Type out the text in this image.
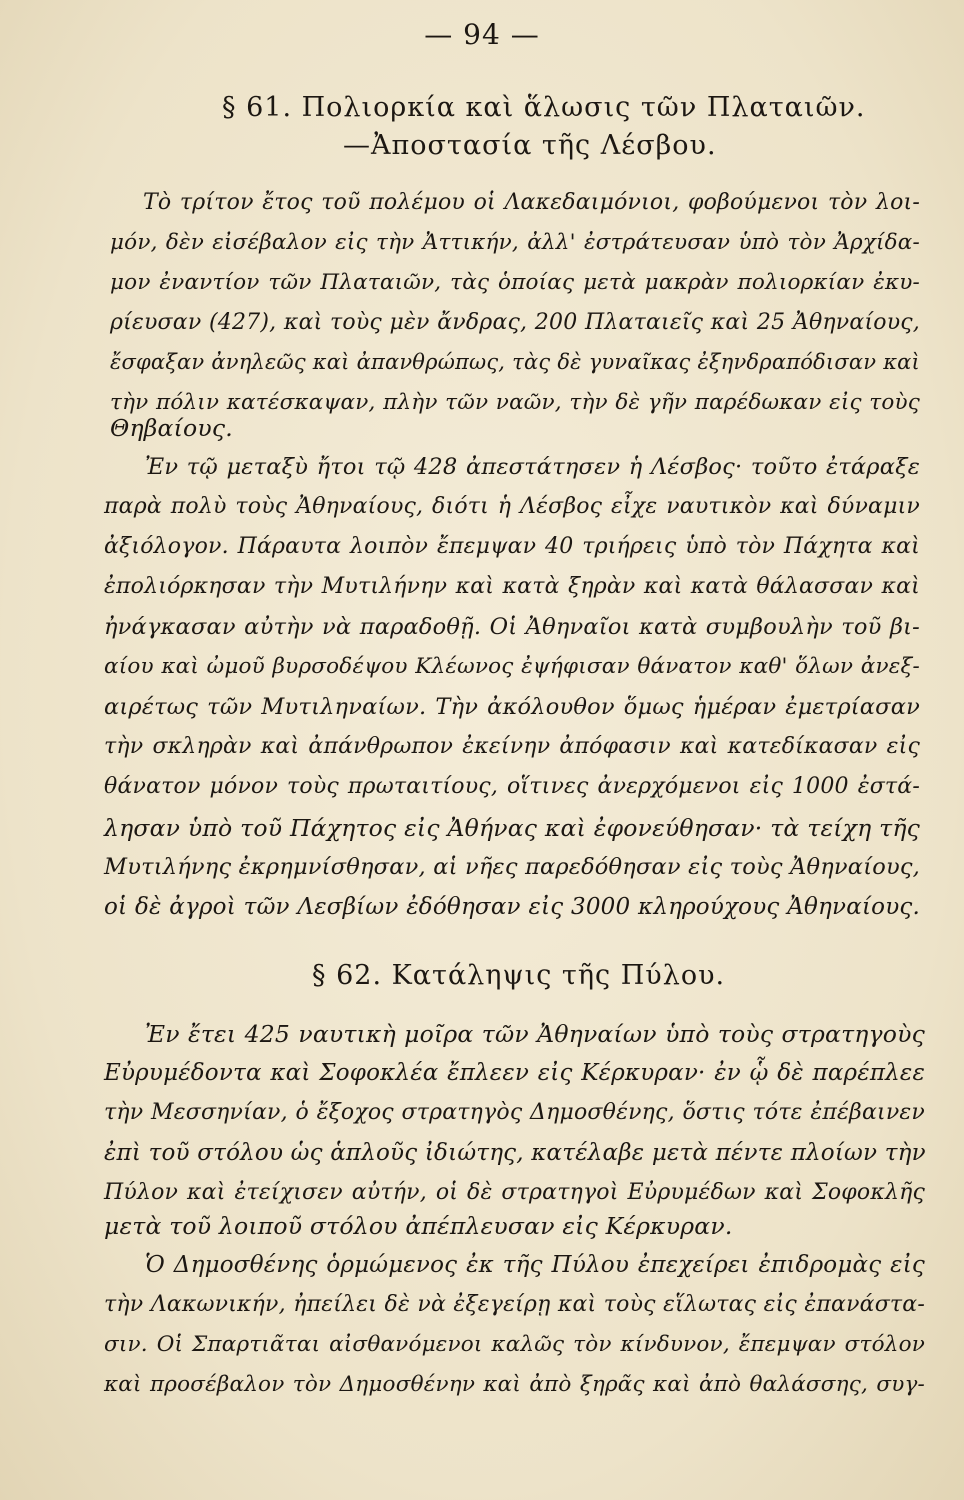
— 94 —
§ 61. Πολιορκία καὶ ἅλωσις τῶν Πλαταιῶν.
—Ἀποστασία τῆς Λέσβου.
Τὸ τρίτον ἔτος τοῦ πολέμου οἱ Λακεδαιμόνιοι, φοβούμενοι τὸν λοι-
μόν, δὲν εἰσέβαλον εἰς τὴν Ἀττικήν, ἀλλ' ἐστράτευσαν ὑπὸ τὸν Ἀρχίδα-
μον ἐναντίον τῶν Πλαταιῶν, τὰς ὁποίας μετὰ μακρὰν πολιορκίαν ἐκυ-
ρίευσαν (427), καὶ τοὺς μὲν ἄνδρας, 200 Πλαταιεῖς καὶ 25 Ἀθηναίους,
ἔσφαξαν ἀνηλεῶς καὶ ἀπανθρώπως, τὰς δὲ γυναῖκας ἐξηνδραπόδισαν καὶ
τὴν πόλιν κατέσκαψαν, πλὴν τῶν ναῶν, τὴν δὲ γῆν παρέδωκαν εἰς τοὺς
Θηβαίους.
Ἐν τῷ μεταξὺ ἤτοι τῷ 428 ἀπεστάτησεν ἡ Λέσβος· τοῦτο ἐτάραξε
παρὰ πολὺ τοὺς Ἀθηναίους, διότι ἡ Λέσβος εἶχε ναυτικὸν καὶ δύναμιν
ἀξιόλογον. Πάραυτα λοιπὸν ἔπεμψαν 40 τριήρεις ὑπὸ τὸν Πάχητα καὶ
ἐπολιόρκησαν τὴν Μυτιλήνην καὶ κατὰ ξηρὰν καὶ κατὰ θάλασσαν καὶ
ἠνάγκασαν αὐτὴν νὰ παραδοθῇ. Οἱ Ἀθηναῖοι κατὰ συμβουλὴν τοῦ βι-
αίου καὶ ὠμοῦ βυρσοδέψου Κλέωνος ἐψήφισαν θάνατον καθ' ὅλων ἀνεξ-
αιρέτως τῶν Μυτιληναίων. Τὴν ἀκόλουθον ὅμως ἡμέραν ἐμετρίασαν
τὴν σκληρὰν καὶ ἀπάνθρωπον ἐκείνην ἀπόφασιν καὶ κατεδίκασαν εἰς
θάνατον μόνον τοὺς πρωταιτίους, οἵτινες ἀνερχόμενοι εἰς 1000 ἐστά-
λησαν ὑπὸ τοῦ Πάχητος εἰς Ἀθήνας καὶ ἐφονεύθησαν· τὰ τείχη τῆς
Μυτιλήνης ἐκρημνίσθησαν, αἱ νῆες παρεδόθησαν εἰς τοὺς Ἀθηναίους,
οἱ δὲ ἀγροὶ τῶν Λεσβίων ἐδόθησαν εἰς 3000 κληρούχους Ἀθηναίους.
§ 62. Κατάληψις τῆς Πύλου.
Ἐν ἔτει 425 ναυτικὴ μοῖρα τῶν Ἀθηναίων ὑπὸ τοὺς στρατηγοὺς
Εὐρυμέδοντα καὶ Σοφοκλέα ἔπλεεν εἰς Κέρκυραν· ἐν ᾧ δὲ παρέπλεε
τὴν Μεσσηνίαν, ὁ ἔξοχος στρατηγὸς Δημοσθένης, ὅστις τότε ἐπέβαινεν
ἐπὶ τοῦ στόλου ὡς ἁπλοῦς ἰδιώτης, κατέλαβε μετὰ πέντε πλοίων τὴν
Πύλον καὶ ἐτείχισεν αὐτήν, οἱ δὲ στρατηγοὶ Εὐρυμέδων καὶ Σοφοκλῆς
μετὰ τοῦ λοιποῦ στόλου ἀπέπλευσαν εἰς Κέρκυραν.
Ὁ Δημοσθένης ὁρμώμενος ἐκ τῆς Πύλου ἐπεχείρει ἐπιδρομὰς εἰς
τὴν Λακωνικήν, ἠπείλει δὲ νὰ ἐξεγείρῃ καὶ τοὺς εἵλωτας εἰς ἐπανάστα-
σιν. Οἱ Σπαρτιᾶται αἰσθανόμενοι καλῶς τὸν κίνδυνον, ἔπεμψαν στόλον
καὶ προσέβαλον τὸν Δημοσθένην καὶ ἀπὸ ξηρᾶς καὶ ἀπὸ θαλάσσης, συγ-
